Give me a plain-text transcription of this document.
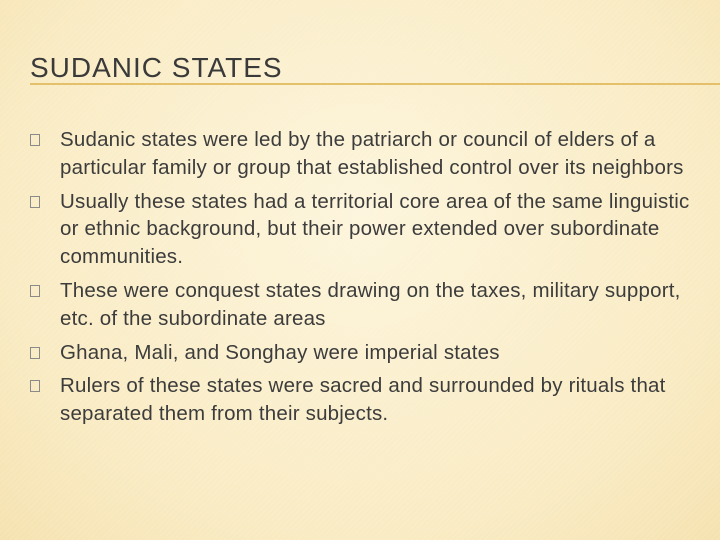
SUDANIC STATES
Sudanic states were led by the patriarch or council of elders of a particular family or group that established control over its neighbors
Usually these states had a territorial core area of the same linguistic or ethnic background, but their power extended over subordinate communities.
These were conquest states drawing on the taxes, military support, etc. of the subordinate areas
Ghana, Mali, and Songhay were imperial states
Rulers of these states were sacred and surrounded by rituals that separated them from their subjects.
